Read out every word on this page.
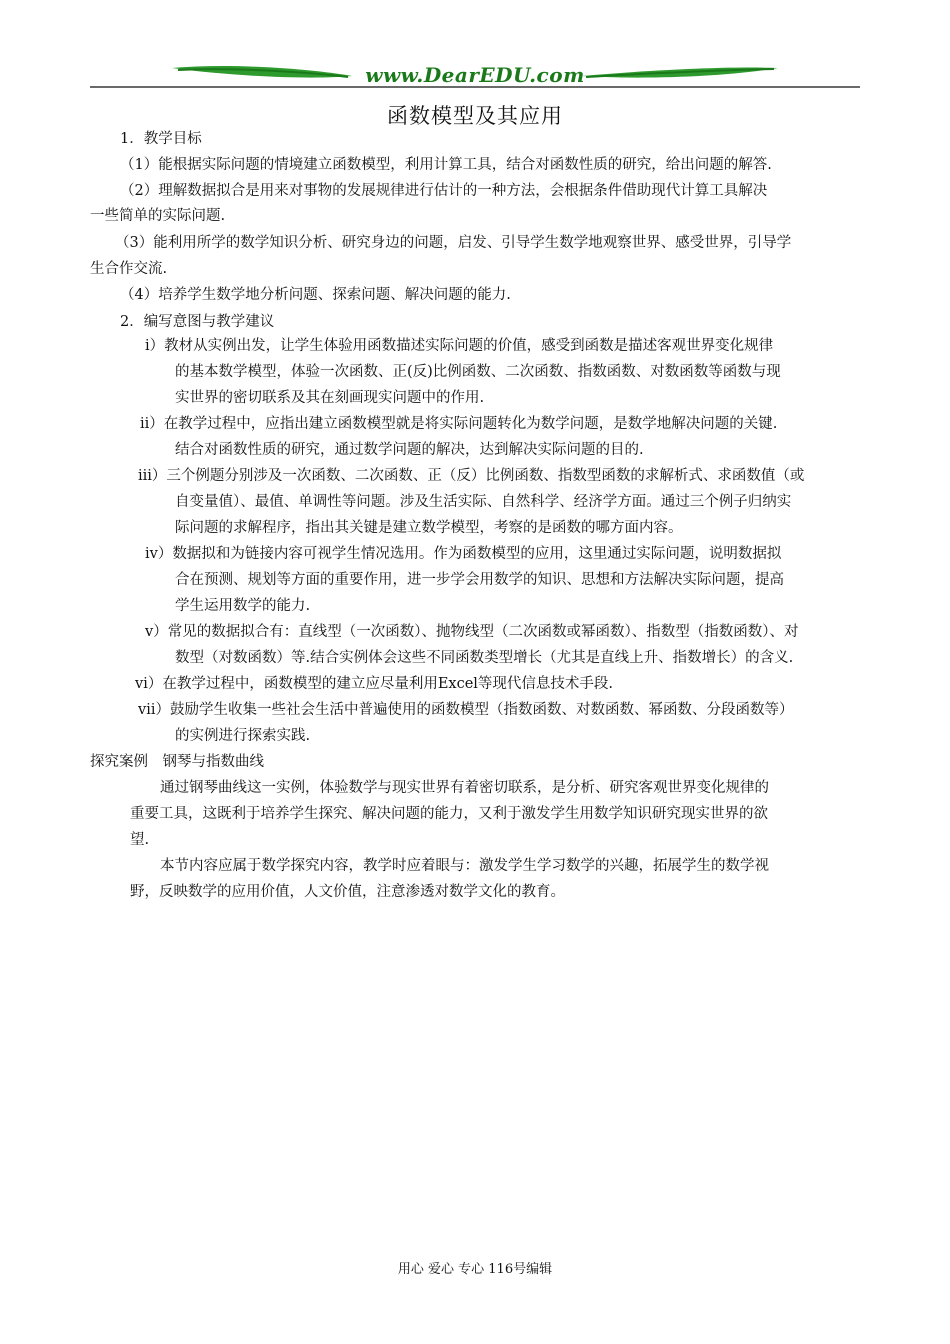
www.DearEDU.com
函数模型及其应用
1．教学目标
（1）能根据实际问题的情境建立函数模型，利用计算工具，结合对函数性质的研究，给出问题的解答.
（2）理解数据拟合是用来对事物的发展规律进行估计的一种方法，会根据条件借助现代计算工具解决
一些简单的实际问题.
（3）能利用所学的数学知识分析、研究身边的问题，启发、引导学生数学地观察世界、感受世界，引导学
生合作交流.
（4）培养学生数学地分析问题、探索问题、解决问题的能力.
2．编写意图与教学建议
ⅰ）教材从实例出发，让学生体验用函数描述实际问题的价值，感受到函数是描述客观世界变化规律
的基本数学模型，体验一次函数、正(反)比例函数、二次函数、指数函数、对数函数等函数与现
实世界的密切联系及其在刻画现实问题中的作用.
ⅱ）在教学过程中，应指出建立函数模型就是将实际问题转化为数学问题，是数学地解决问题的关键.
结合对函数性质的研究，通过数学问题的解决，达到解决实际问题的目的.
ⅲ）三个例题分别涉及一次函数、二次函数、正（反）比例函数、指数型函数的求解析式、求函数值（或
自变量值）、最值、单调性等问题。涉及生活实际、自然科学、经济学方面。通过三个例子归纳实
际问题的求解程序，指出其关键是建立数学模型，考察的是函数的哪方面内容。
ⅳ）数据拟和为链接内容可视学生情况选用。作为函数模型的应用，这里通过实际问题，说明数据拟
合在预测、规划等方面的重要作用，进一步学会用数学的知识、思想和方法解决实际问题，提高
学生运用数学的能力.
ⅴ）常见的数据拟合有：直线型（一次函数）、抛物线型（二次函数或幂函数）、指数型（指数函数）、对
数型（对数函数）等.结合实例体会这些不同函数类型增长（尤其是直线上升、指数增长）的含义.
ⅵ）在教学过程中，函数模型的建立应尽量利用Excel等现代信息技术手段.
ⅶ）鼓励学生收集一些社会生活中普遍使用的函数模型（指数函数、对数函数、幂函数、分段函数等）
的实例进行探索实践.
探究案例　钢琴与指数曲线
通过钢琴曲线这一实例，体验数学与现实世界有着密切联系，是分析、研究客观世界变化规律的
重要工具，这既利于培养学生探究、解决问题的能力，又利于激发学生用数学知识研究现实世界的欲
望.
本节内容应属于数学探究内容，教学时应着眼与：激发学生学习数学的兴趣，拓展学生的数学视
野，反映数学的应用价值，人文价值，注意渗透对数学文化的教育。
用心 爱心 专心 116号编辑
